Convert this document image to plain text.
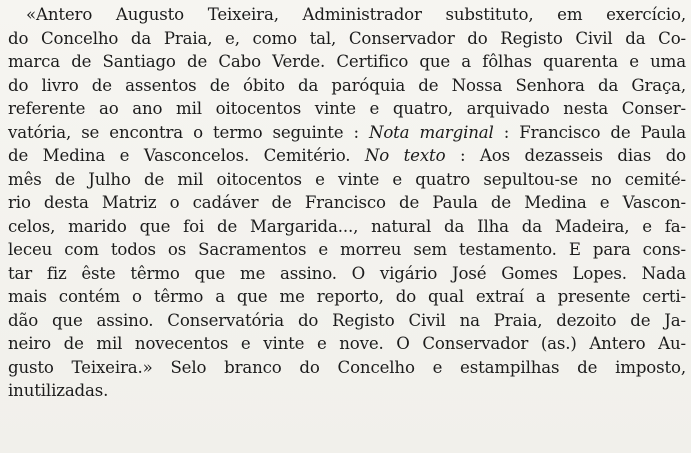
«Antero Augusto Teixeira, Administrador substituto, em exercício,
do Concelho da Praia, e, como tal, Conservador do Registo Civil da Co-
marca de Santiago de Cabo Verde. Certifico que a fôlhas quarenta e uma
do livro de assentos de óbito da paróquia de Nossa Senhora da Graça,
referente ao ano mil oitocentos vinte e quatro, arquivado nesta Conser-
vatória, se encontra o termo seguinte : Nota marginal : Francisco de Paula
de Medina e Vasconcelos. Cemitério. No texto : Aos dezasseis dias do
mês de Julho de mil oitocentos e vinte e quatro sepultou-se no cemité-
rio desta Matriz o cadáver de Francisco de Paula de Medina e Vascon-
celos, marido que foi de Margarida..., natural da Ilha da Madeira, e fa-
leceu com todos os Sacramentos e morreu sem testamento. E para cons-
tar fiz êste têrmo que me assino. O vigário José Gomes Lopes. Nada
mais contém o têrmo a que me reporto, do qual extraí a presente certi-
dão que assino. Conservatória do Registo Civil na Praia, dezoito de Ja-
neiro de mil novecentos e vinte e nove. O Conservador (as.) Antero Au-
gusto Teixeira.» Selo branco do Concelho e estampilhas de imposto,
inutilizadas.
